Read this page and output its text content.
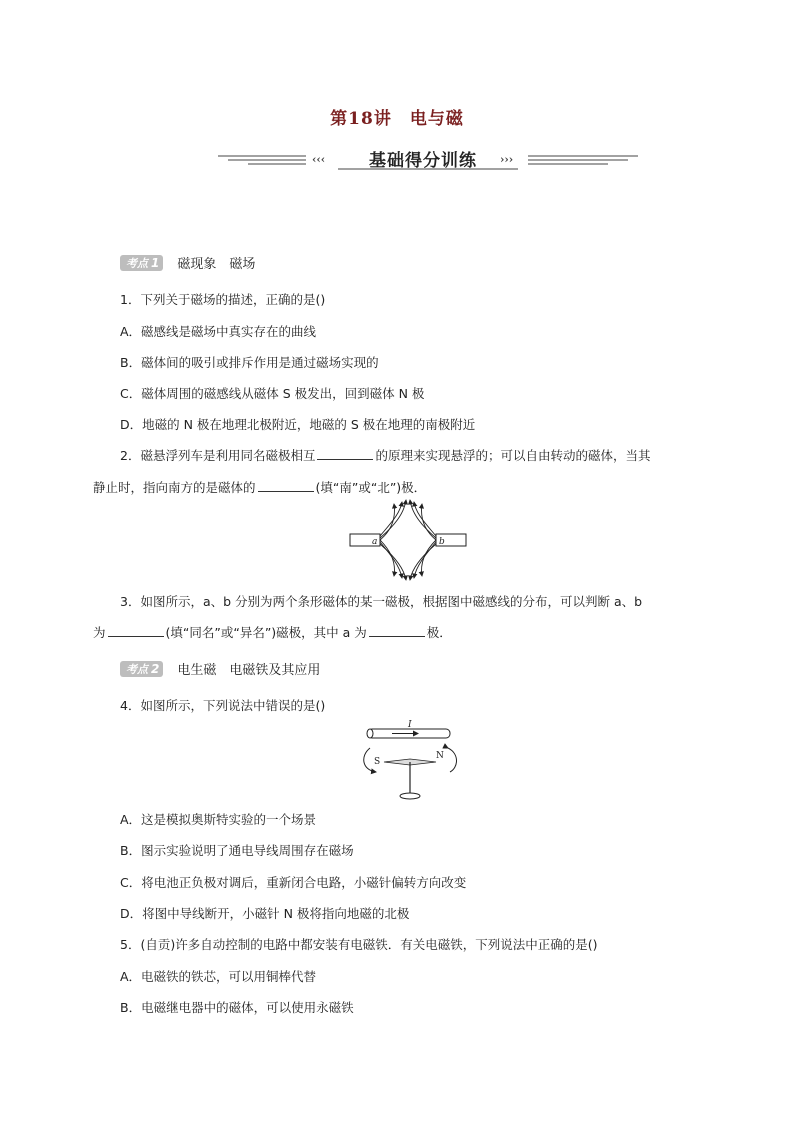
第18讲　电与磁
‹‹‹	›››
基础得分训练
考点 1 磁现象　磁场
1．下列关于磁场的描述，正确的是()
A．磁感线是磁场中真实存在的曲线
B．磁体间的吸引或排斥作用是通过磁场实现的
C．磁体周围的磁感线从磁体 S 极发出，回到磁体 N 极
D．地磁的 N 极在地理北极附近，地磁的 S 极在地理的南极附近
2．磁悬浮列车是利用同名磁极相互	的原理来实现悬浮的；可以自由转动的磁体，当其
静止时，指向南方的是磁体的	(填“南”或“北”)极．
a	b
3．如图所示，a、b 分别为两个条形磁体的某一磁极，根据图中磁感线的分布，可以判断 a、b
为	(填“同名”或“异名”)磁极，其中 a 为	极．
考点 2 电生磁　电磁铁及其应用
4．如图所示，下列说法中错误的是()
I
S
N
A．这是模拟奥斯特实验的一个场景
B．图示实验说明了通电导线周围存在磁场
C．将电池正负极对调后，重新闭合电路，小磁针偏转方向改变
D．将图中导线断开，小磁针 N 极将指向地磁的北极
5．(自贡)许多自动控制的电路中都安装有电磁铁．有关电磁铁，下列说法中正确的是()
A．电磁铁的铁芯，可以用铜棒代替
B．电磁继电器中的磁体，可以使用永磁铁
